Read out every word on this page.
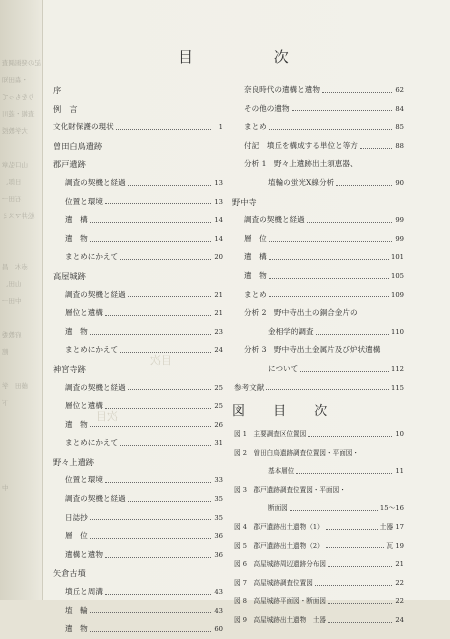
記の発掘調査
・森田知
りをもって
査報・菱川
大学教授
山口弘章
日郎、
石田一
松井マスミ
赤木　昌
山田、
中田一
府教委
館
藤田　学
下
中
目 次
序
例　言
文化財保護の現状	1
曽田白鳥遺跡
郡戸遺跡
調査の契機と経過	13
位置と環境	13
遺　構	14
遺　物	14
まとめにかえて	20
高屋城跡
調査の契機と経過	21
層位と遺構	21
遺　物	23
まとめにかえて	24
神宮寺跡
調査の契機と経過	25
層位と遺構	25
遺　物	26
まとめにかえて	31
野々上遺跡
位置と環境	33
調査の契機と経過	35
日誌抄	35
層　位	36
遺構と遺物	36
矢倉古墳
墳丘と周溝	43
埴　輪	43
遺　物	60
奈良時代の遺構と遺物	62
その他の遺物	84
まとめ	85
付記　墳丘を構成する単位と等方	88
分析 1　野々上遺跡出土須恵器、
埴輪の蛍光X線分析	90
野中寺
調査の契機と経過	99
層　位	99
遺　構	101
遺　物	105
まとめ	109
分析 2　野中寺出土の銅合金片の
金相学的調査	110
分析 3　野中寺出土金属片及び炉状遺構
について	112
参考文献	115
図 目 次
図 1　主要調査区位置図	10
図 2　曽田白鳥遺跡調査位置図・平面図・
基本層位	11
図 3　郡戸遺跡調査位置図・平面図・
断面図	15〜16
図 4　郡戸遺跡出土遺物（1）	土器 17
図 5　郡戸遺跡出土遺物（2）	瓦 19
図 6　高屋城跡周辺遺跡分布図	21
図 7　高屋城跡調査位置図	22
図 8　高屋城跡平面図・断面図	22
図 9　高屋城跡出土遺物　土器	24
目次
次目
